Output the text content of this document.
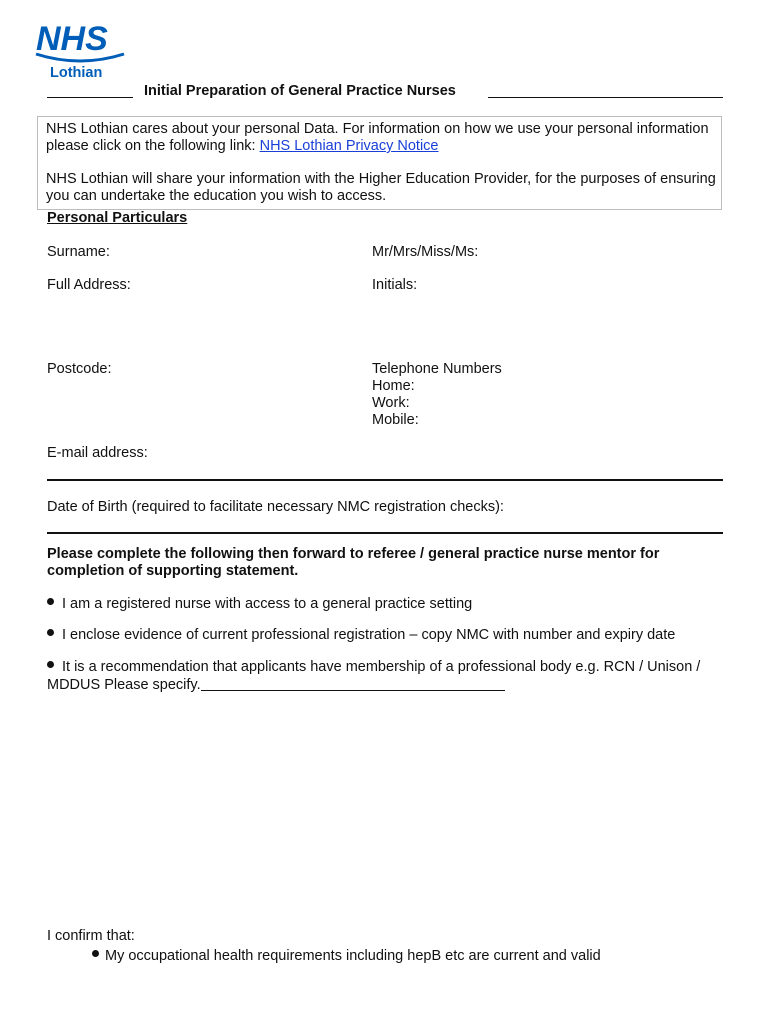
NHS
Lothian
Initial Preparation of General Practice Nurses
NHS Lothian cares about your personal Data. For information on how we use your personal information please click on the following link: NHS Lothian Privacy Notice
NHS Lothian will share your information with the Higher Education Provider, for the purposes of ensuring you can undertake the education you wish to access.
Personal Particulars
Surname:	Mr/Mrs/Miss/Ms:
Full Address:	Initials:
Postcode:	Telephone Numbers
Home:
Work:
Mobile:
E-mail address:
Date of Birth (required to facilitate necessary NMC registration checks):
Please complete the following then forward to referee / general practice nurse mentor for completion of supporting statement.
I am a registered nurse with access to a general practice setting
I enclose evidence of current professional registration – copy NMC with number and expiry date
It is a recommendation that applicants have membership of a professional body e.g. RCN / Unison / MDDUS Please specify.
I confirm that:
My occupational health requirements including hepB etc are current and valid
